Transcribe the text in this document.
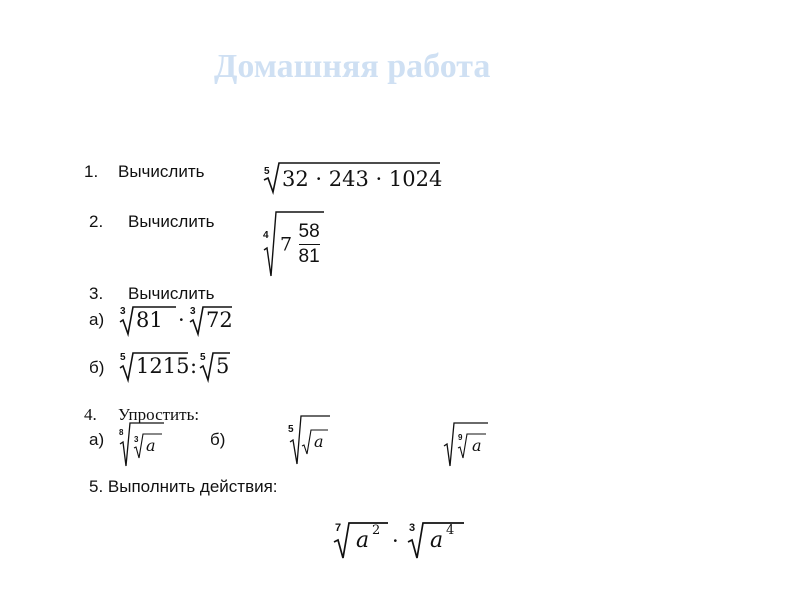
Домашняя работа
1. Вычислить	5 32 · 243 · 1024
2. Вычислить
4 $7 \frac{58}{81}$
3. Вычислить
а) 3 81 · 3 72
б)
5 1215 : 5 5
4. Упростить:
а) 8
3 a	б)
5
a	9 a
5. Выполнить действия:
7 a 2 ·
3 a 4
